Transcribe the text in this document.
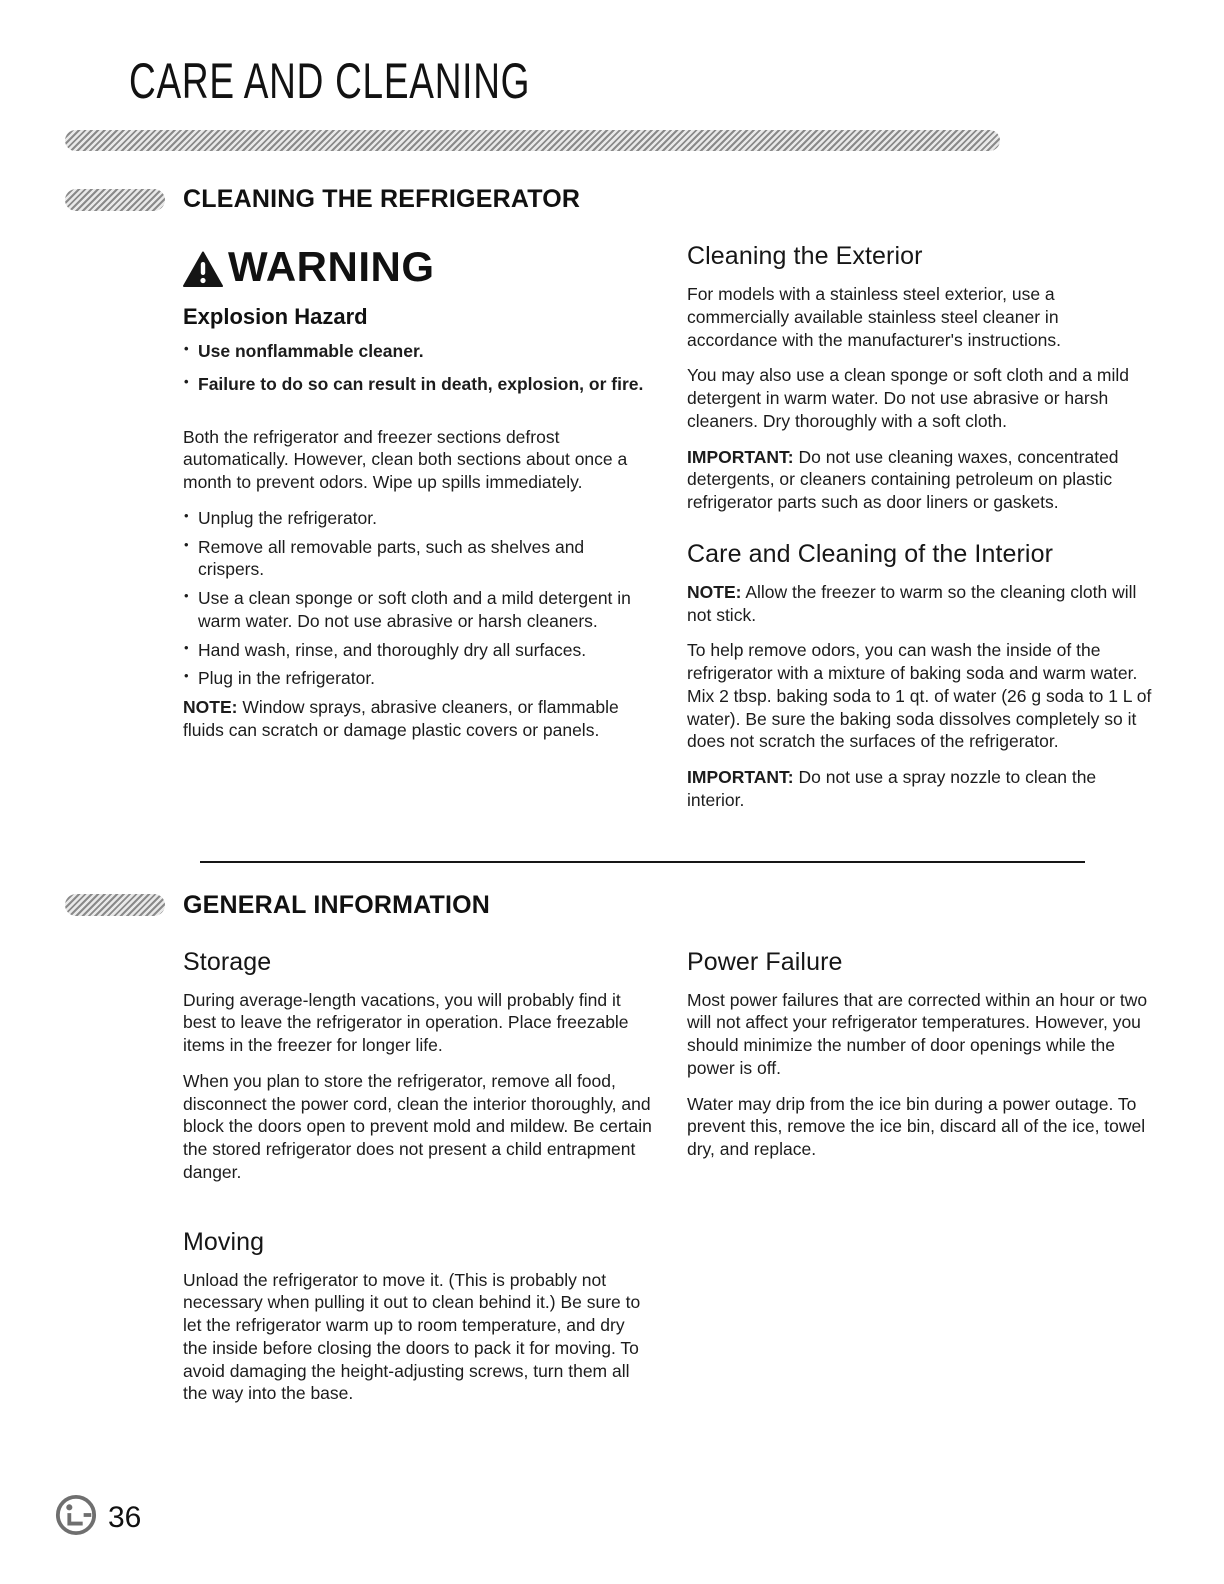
CARE AND CLEANING
CLEANING THE REFRIGERATOR
WARNING
Explosion Hazard
• Use nonflammable cleaner.
• Failure to do so can result in death, explosion, or fire.

Both the refrigerator and freezer sections defrost automatically. However, clean both sections about once a month to prevent odors. Wipe up spills immediately.

• Unplug the refrigerator.
• Remove all removable parts, such as shelves and crispers.
• Use a clean sponge or soft cloth and a mild detergent in warm water. Do not use abrasive or harsh cleaners.
• Hand wash, rinse, and thoroughly dry all surfaces.
• Plug in the refrigerator.

NOTE: Window sprays, abrasive cleaners, or flammable fluids can scratch or damage plastic covers or panels.

Cleaning the Exterior

For models with a stainless steel exterior, use a commercially available stainless steel cleaner in accordance with the manufacturer's instructions.

You may also use a clean sponge or soft cloth and a mild detergent in warm water. Do not use abrasive or harsh cleaners. Dry thoroughly with a soft cloth.

IMPORTANT: Do not use cleaning waxes, concentrated detergents, or cleaners containing petroleum on plastic refrigerator parts such as door liners or gaskets.

Care and Cleaning of the Interior

NOTE: Allow the freezer to warm so the cleaning cloth will not stick.

To help remove odors, you can wash the inside of the refrigerator with a mixture of baking soda and warm water. Mix 2 tbsp. baking soda to 1 qt. of water (26 g soda to 1 L of water). Be sure the baking soda dissolves completely so it does not scratch the surfaces of the refrigerator.

IMPORTANT: Do not use a spray nozzle to clean the interior.

GENERAL INFORMATION
Storage

During average-length vacations, you will probably find it best to leave the refrigerator in operation. Place freezable items in the freezer for longer life.

When you plan to store the refrigerator, remove all food, disconnect the power cord, clean the interior thoroughly, and block the doors open to prevent mold and mildew. Be certain the stored refrigerator does not present a child entrapment danger.

Moving

Unload the refrigerator to move it. (This is probably not necessary when pulling it out to clean behind it.) Be sure to let the refrigerator warm up to room temperature, and dry the inside before closing the doors to pack it for moving. To avoid damaging the height-adjusting screws, turn them all the way into the base.

Power Failure

Most power failures that are corrected within an hour or two will not affect your refrigerator temperatures. However, you should minimize the number of door openings while the power is off.

Water may drip from the ice bin during a power outage. To prevent this, remove the ice bin, discard all of the ice, towel dry, and replace.

36
